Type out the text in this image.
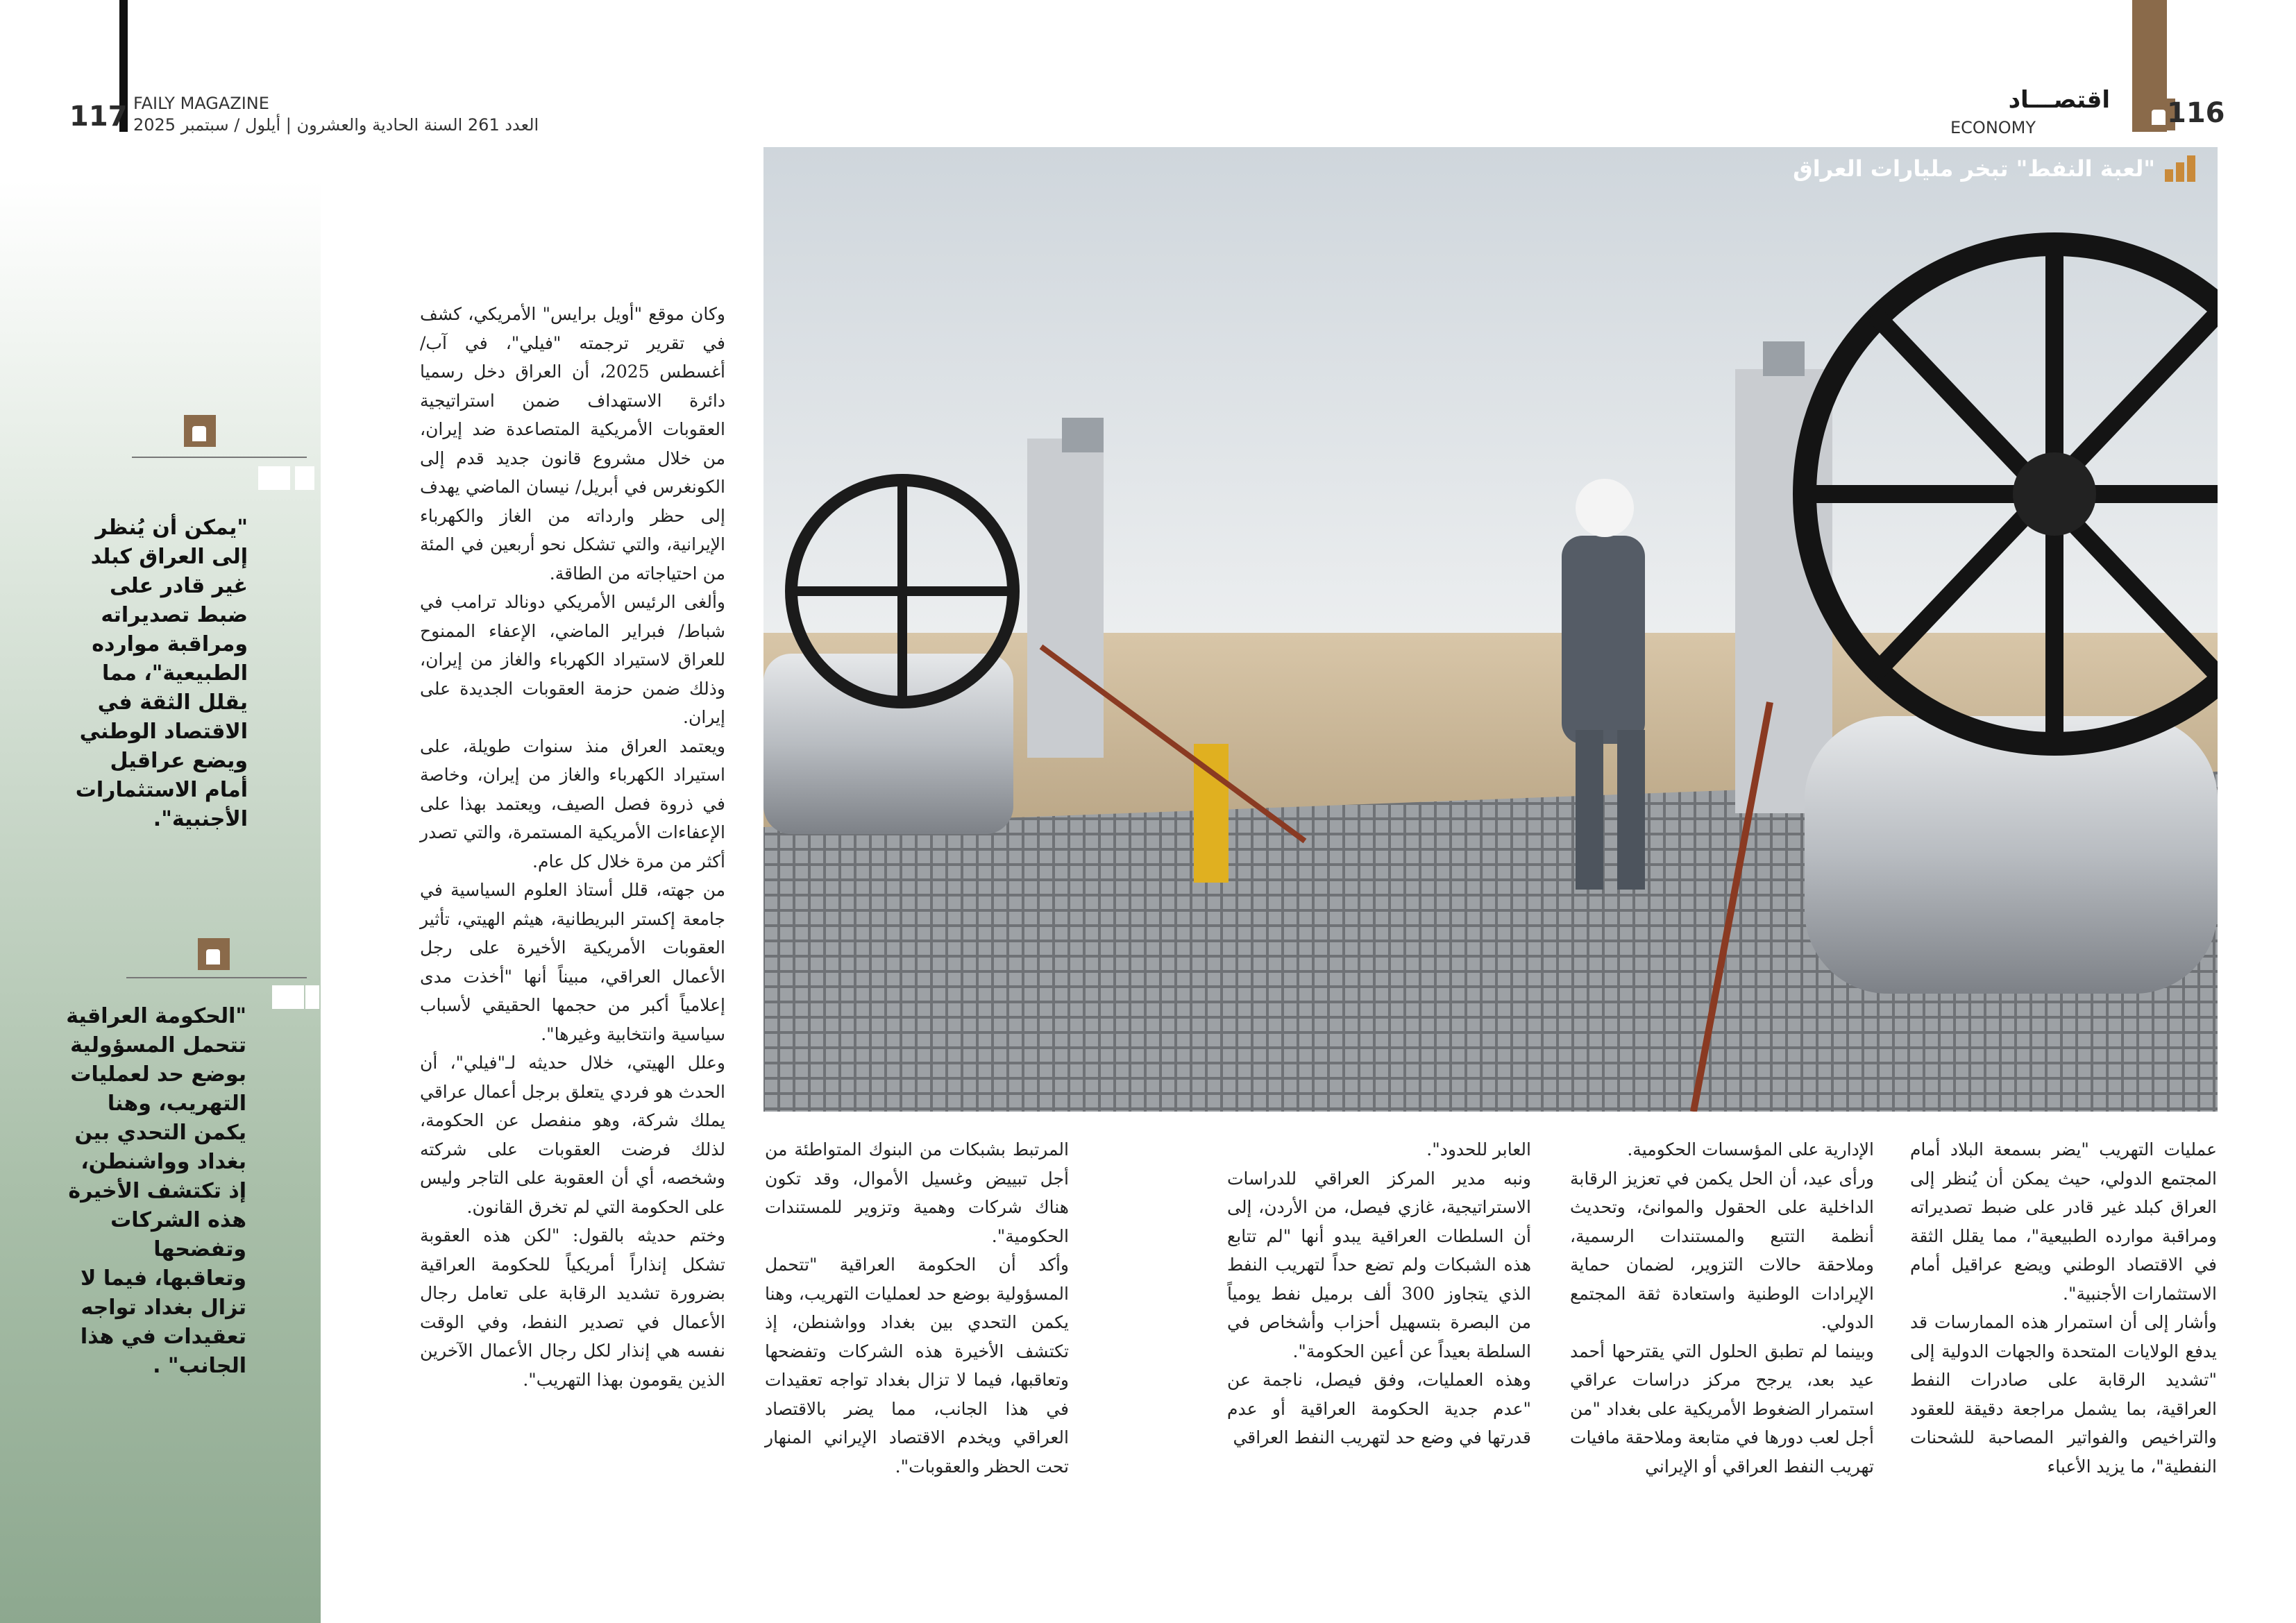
117 FAILY MAGAZINE
العدد 261 السنة الحادية والعشرون | أيلول / سبتمبر 2025	116
اقتصـــاد
ECONOMY
"لعبة النفط" تبخر مليارات العراق
"يمكن أن يُنظر إلى العراق كبلد غير قادر على ضبط تصديراته ومراقبة موارده الطبيعية"، مما يقلل الثقة في الاقتصاد الوطني ويضع عراقيل أمام الاستثمارات الأجنبية".
"الحكومة العراقية تتحمل المسؤولية بوضع حد لعمليات التهريب، وهنا يكمن التحدي بين بغداد وواشنطن، إذ تكتشف الأخيرة هذه الشركات وتفضحها وتعاقبها، فيما لا تزال بغداد تواجه تعقيدات في هذا الجانب" .

وكان موقع "أويل برايس" الأمريكي، كشف في تقرير ترجمته "فيلي"، في آب/أغسطس 2025، أن العراق دخل رسميا دائرة الاستهداف ضمن استراتيجية العقوبات الأمريكية المتصاعدة ضد إيران، من خلال مشروع قانون جديد قدم إلى الكونغرس في أبريل/ نيسان الماضي يهدف إلى حظر وارداته من الغاز والكهرباء الإيرانية، والتي تشكل نحو أربعين في المئة من احتياجاته من الطاقة.

وألغى الرئيس الأمريكي دونالد ترامب في شباط/ فبراير الماضي، الإعفاء الممنوح للعراق لاستيراد الكهرباء والغاز من إيران، وذلك ضمن حزمة العقوبات الجديدة على إيران.

ويعتمد العراق منذ سنوات طويلة، على استيراد الكهرباء والغاز من إيران، وخاصة في ذروة فصل الصيف، ويعتمد بهذا على الإعفاءات الأمريكية المستمرة، والتي تصدر أكثر من مرة خلال كل عام.

من جهته، قلل أستاذ العلوم السياسية في جامعة إكستر البريطانية، هيثم الهيتي، تأثير العقوبات الأمريكية الأخيرة على رجل الأعمال العراقي، مبيناً أنها "أخذت مدى إعلامياً أكبر من حجمها الحقيقي لأسباب سياسية وانتخابية وغيرها".

وعلل الهيتي، خلال حديثه لـ"فيلي"، أن الحدث هو فردي يتعلق برجل أعمال عراقي يملك شركة، وهو منفصل عن الحكومة، لذلك فرضت العقوبات على شركته وشخصه، أي أن العقوبة على التاجر وليس على الحكومة التي لم تخرق القانون.

وختم حديثه بالقول: "لكن هذه العقوبة تشكل إنذاراً أمريكياً للحكومة العراقية بضرورة تشديد الرقابة على تعامل رجال الأعمال في تصدير النفط، وفي الوقت نفسه هي إنذار لكل رجال الأعمال الآخرين الذين يقومون بهذا التهريب".

المرتبط بشبكات من البنوك المتواطئة من أجل تبييض وغسيل الأموال، وقد تكون هناك شركات وهمية وتزوير للمستندات الحكومية".

وأكد أن الحكومة العراقية "تتحمل المسؤولية بوضع حد لعمليات التهريب، وهنا يكمن التحدي بين بغداد وواشنطن، إذ تكتشف الأخيرة هذه الشركات وتفضحها وتعاقبها، فيما لا تزال بغداد تواجه تعقيدات في هذا الجانب، مما يضر بالاقتصاد العراقي ويخدم الاقتصاد الإيراني المنهار تحت الحظر والعقوبات".

العابر للحدود".

ونبه مدير المركز العراقي للدراسات الاستراتيجية، غازي فيصل، من الأردن، إلى أن السلطات العراقية يبدو أنها "لم تتابع هذه الشبكات ولم تضع حداً لتهريب النفط الذي يتجاوز 300 ألف برميل نفط يومياً من البصرة بتسهيل أحزاب وأشخاص في السلطة بعيداً عن أعين الحكومة".

وهذه العمليات، وفق فيصل، ناجمة عن "عدم جدية الحكومة العراقية أو عدم قدرتها في وضع حد لتهريب النفط العراقي

الإدارية على المؤسسات الحكومية.

ورأى عيد، أن الحل يكمن في تعزيز الرقابة الداخلية على الحقول والموانئ، وتحديث أنظمة التتبع والمستندات الرسمية، وملاحقة حالات التزوير، لضمان حماية الإيرادات الوطنية واستعادة ثقة المجتمع الدولي.

وبينما لم تطبق الحلول التي يقترحها أحمد عيد بعد، يرجح مركز دراسات عراقي استمرار الضغوط الأمريكية على بغداد "من أجل لعب دورها في متابعة وملاحقة مافيات تهريب النفط العراقي أو الإيراني

عمليات التهريب "يضر بسمعة البلاد أمام المجتمع الدولي، حيث يمكن أن يُنظر إلى العراق كبلد غير قادر على ضبط تصديراته ومراقبة موارده الطبيعية"، مما يقلل الثقة في الاقتصاد الوطني ويضع عراقيل أمام الاستثمارات الأجنبية".

وأشار إلى أن استمرار هذه الممارسات قد يدفع الولايات المتحدة والجهات الدولية إلى "تشديد الرقابة على صادرات النفط العراقية، بما يشمل مراجعة دقيقة للعقود والتراخيص والفواتير المصاحبة للشحنات النفطية"، ما يزيد الأعباء
